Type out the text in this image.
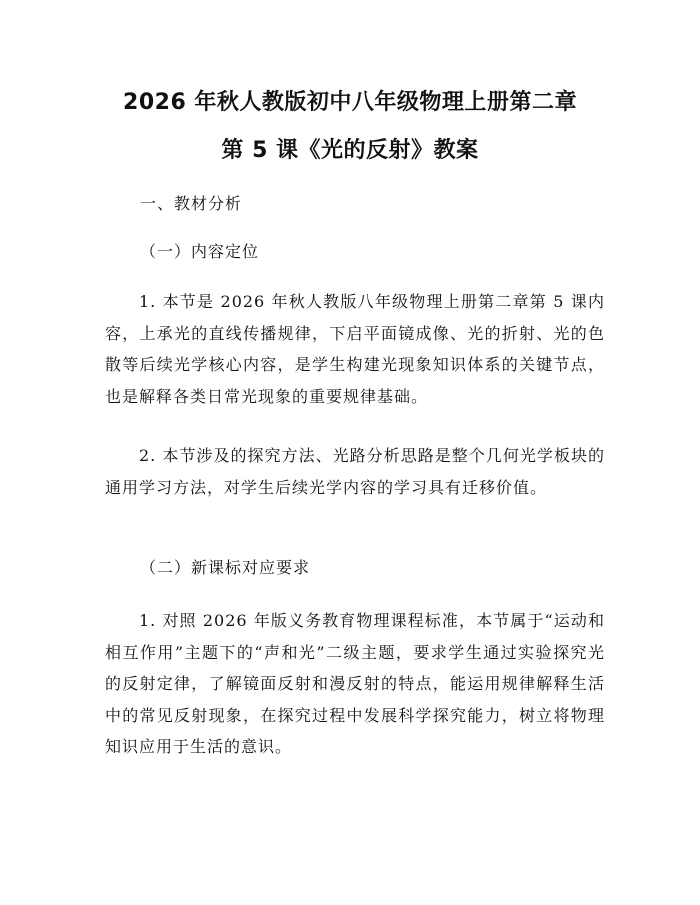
2026 年秋人教版初中八年级物理上册第二章
第 5 课《光的反射》教案
一、教材分析
（一）内容定位

1. 本节是 2026 年秋人教版八年级物理上册第二章第 5 课内容，上承光的直线传播规律，下启平面镜成像、光的折射、光的色散等后续光学核心内容，是学生构建光现象知识体系的关键节点，也是解释各类日常光现象的重要规律基础。

2. 本节涉及的探究方法、光路分析思路是整个几何光学板块的通用学习方法，对学生后续光学内容的学习具有迁移价值。

（二）新课标对应要求

1. 对照 2026 年版义务教育物理课程标准，本节属于“运动和相互作用”主题下的“声和光”二级主题，要求学生通过实验探究光的反射定律，了解镜面反射和漫反射的特点，能运用规律解释生活中的常见反射现象，在探究过程中发展科学探究能力，树立将物理知识应用于生活的意识。
